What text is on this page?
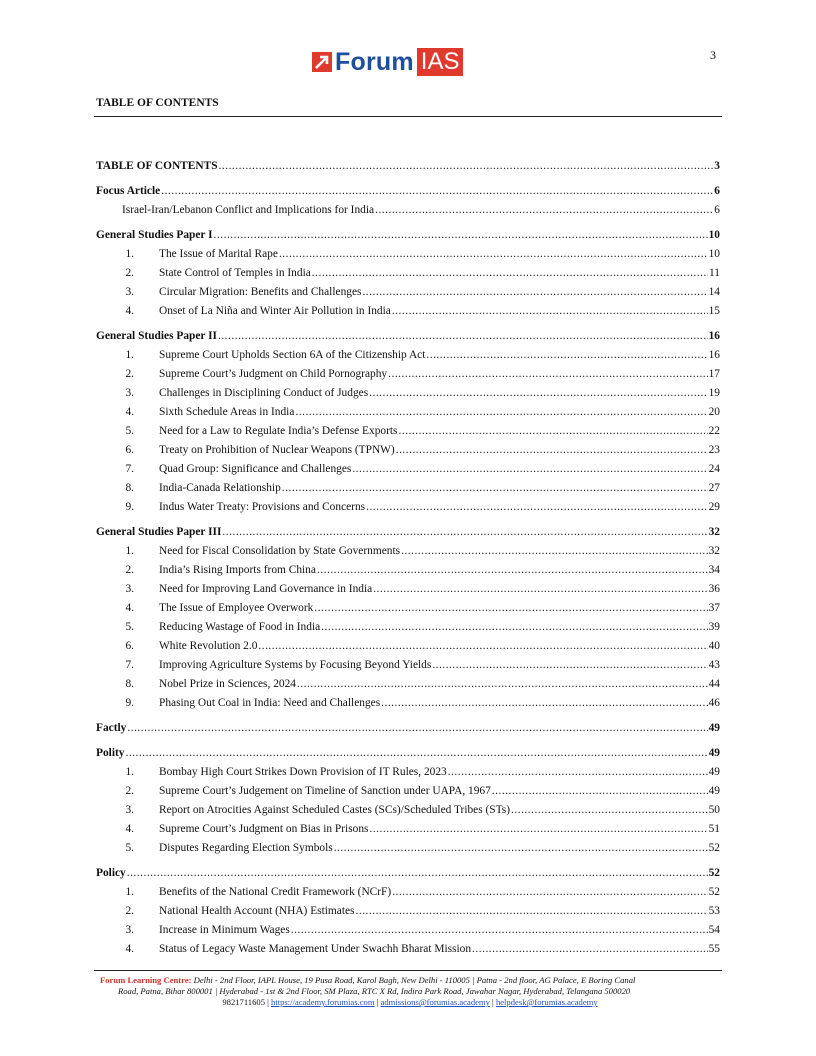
Forum IAS	3
TABLE OF CONTENTS
TABLE OF CONTENTS .....	3
Focus Article .....	6
Israel-Iran/Lebanon Conflict and Implications for India .....	6
General Studies Paper I .....	10
1.	The Issue of Marital Rape .....	10
2.	State Control of Temples in India .....	11
3.	Circular Migration: Benefits and Challenges .....	14
4.	Onset of La Niña and Winter Air Pollution in India .....	15
General Studies Paper II .....	16
1.	Supreme Court Upholds Section 6A of the Citizenship Act .....	16
2.	Supreme Court’s Judgment on Child Pornography .....	17
3.	Challenges in Disciplining Conduct of Judges .....	19
4.	Sixth Schedule Areas in India .....	20
5.	Need for a Law to Regulate India’s Defense Exports .....	22
6.	Treaty on Prohibition of Nuclear Weapons (TPNW) .....	23
7.	Quad Group: Significance and Challenges .....	24
8.	India-Canada Relationship .....	27
9.	Indus Water Treaty: Provisions and Concerns .....	29
General Studies Paper III .....	32
1.	Need for Fiscal Consolidation by State Governments .....	32
2.	India’s Rising Imports from China .....	34
3.	Need for Improving Land Governance in India .....	36
4.	The Issue of Employee Overwork .....	37
5.	Reducing Wastage of Food in India .....	39
6.	White Revolution 2.0 .....	40
7.	Improving Agriculture Systems by Focusing Beyond Yields .....	43
8.	Nobel Prize in Sciences, 2024 .....	44
9.	Phasing Out Coal in India: Need and Challenges .....	46
Factly .....	49
Polity .....	49
1.	Bombay High Court Strikes Down Provision of IT Rules, 2023 .....	49
2.	Supreme Court’s Judgement on Timeline of Sanction under UAPA, 1967 .....	49
3.	Report on Atrocities Against Scheduled Castes (SCs)/Scheduled Tribes (STs) .....	50
4.	Supreme Court’s Judgment on Bias in Prisons .....	51
5.	Disputes Regarding Election Symbols .....	52
Policy .....	52
1.	Benefits of the National Credit Framework (NCrF) .....	52
2.	National Health Account (NHA) Estimates .....	53
3.	Increase in Minimum Wages .....	54
4.	Status of Legacy Waste Management Under Swachh Bharat Mission .....	55
Forum Learning Centre: Delhi - 2nd Floor, IAPL House, 19 Pusa Road, Karol Bagh, New Delhi - 110005 | Patna - 2nd floor, AG Palace, E Boring Canal
Road, Patna, Bihar 800001 | Hyderabad - 1st & 2nd Floor, SM Plaza, RTC X Rd, Indira Park Road, Jawahar Nagar, Hyderabad, Telangana 500020
9821711605 | https://academy.forumias.com | admissions@forumias.academy | helpdesk@forumias.academy
